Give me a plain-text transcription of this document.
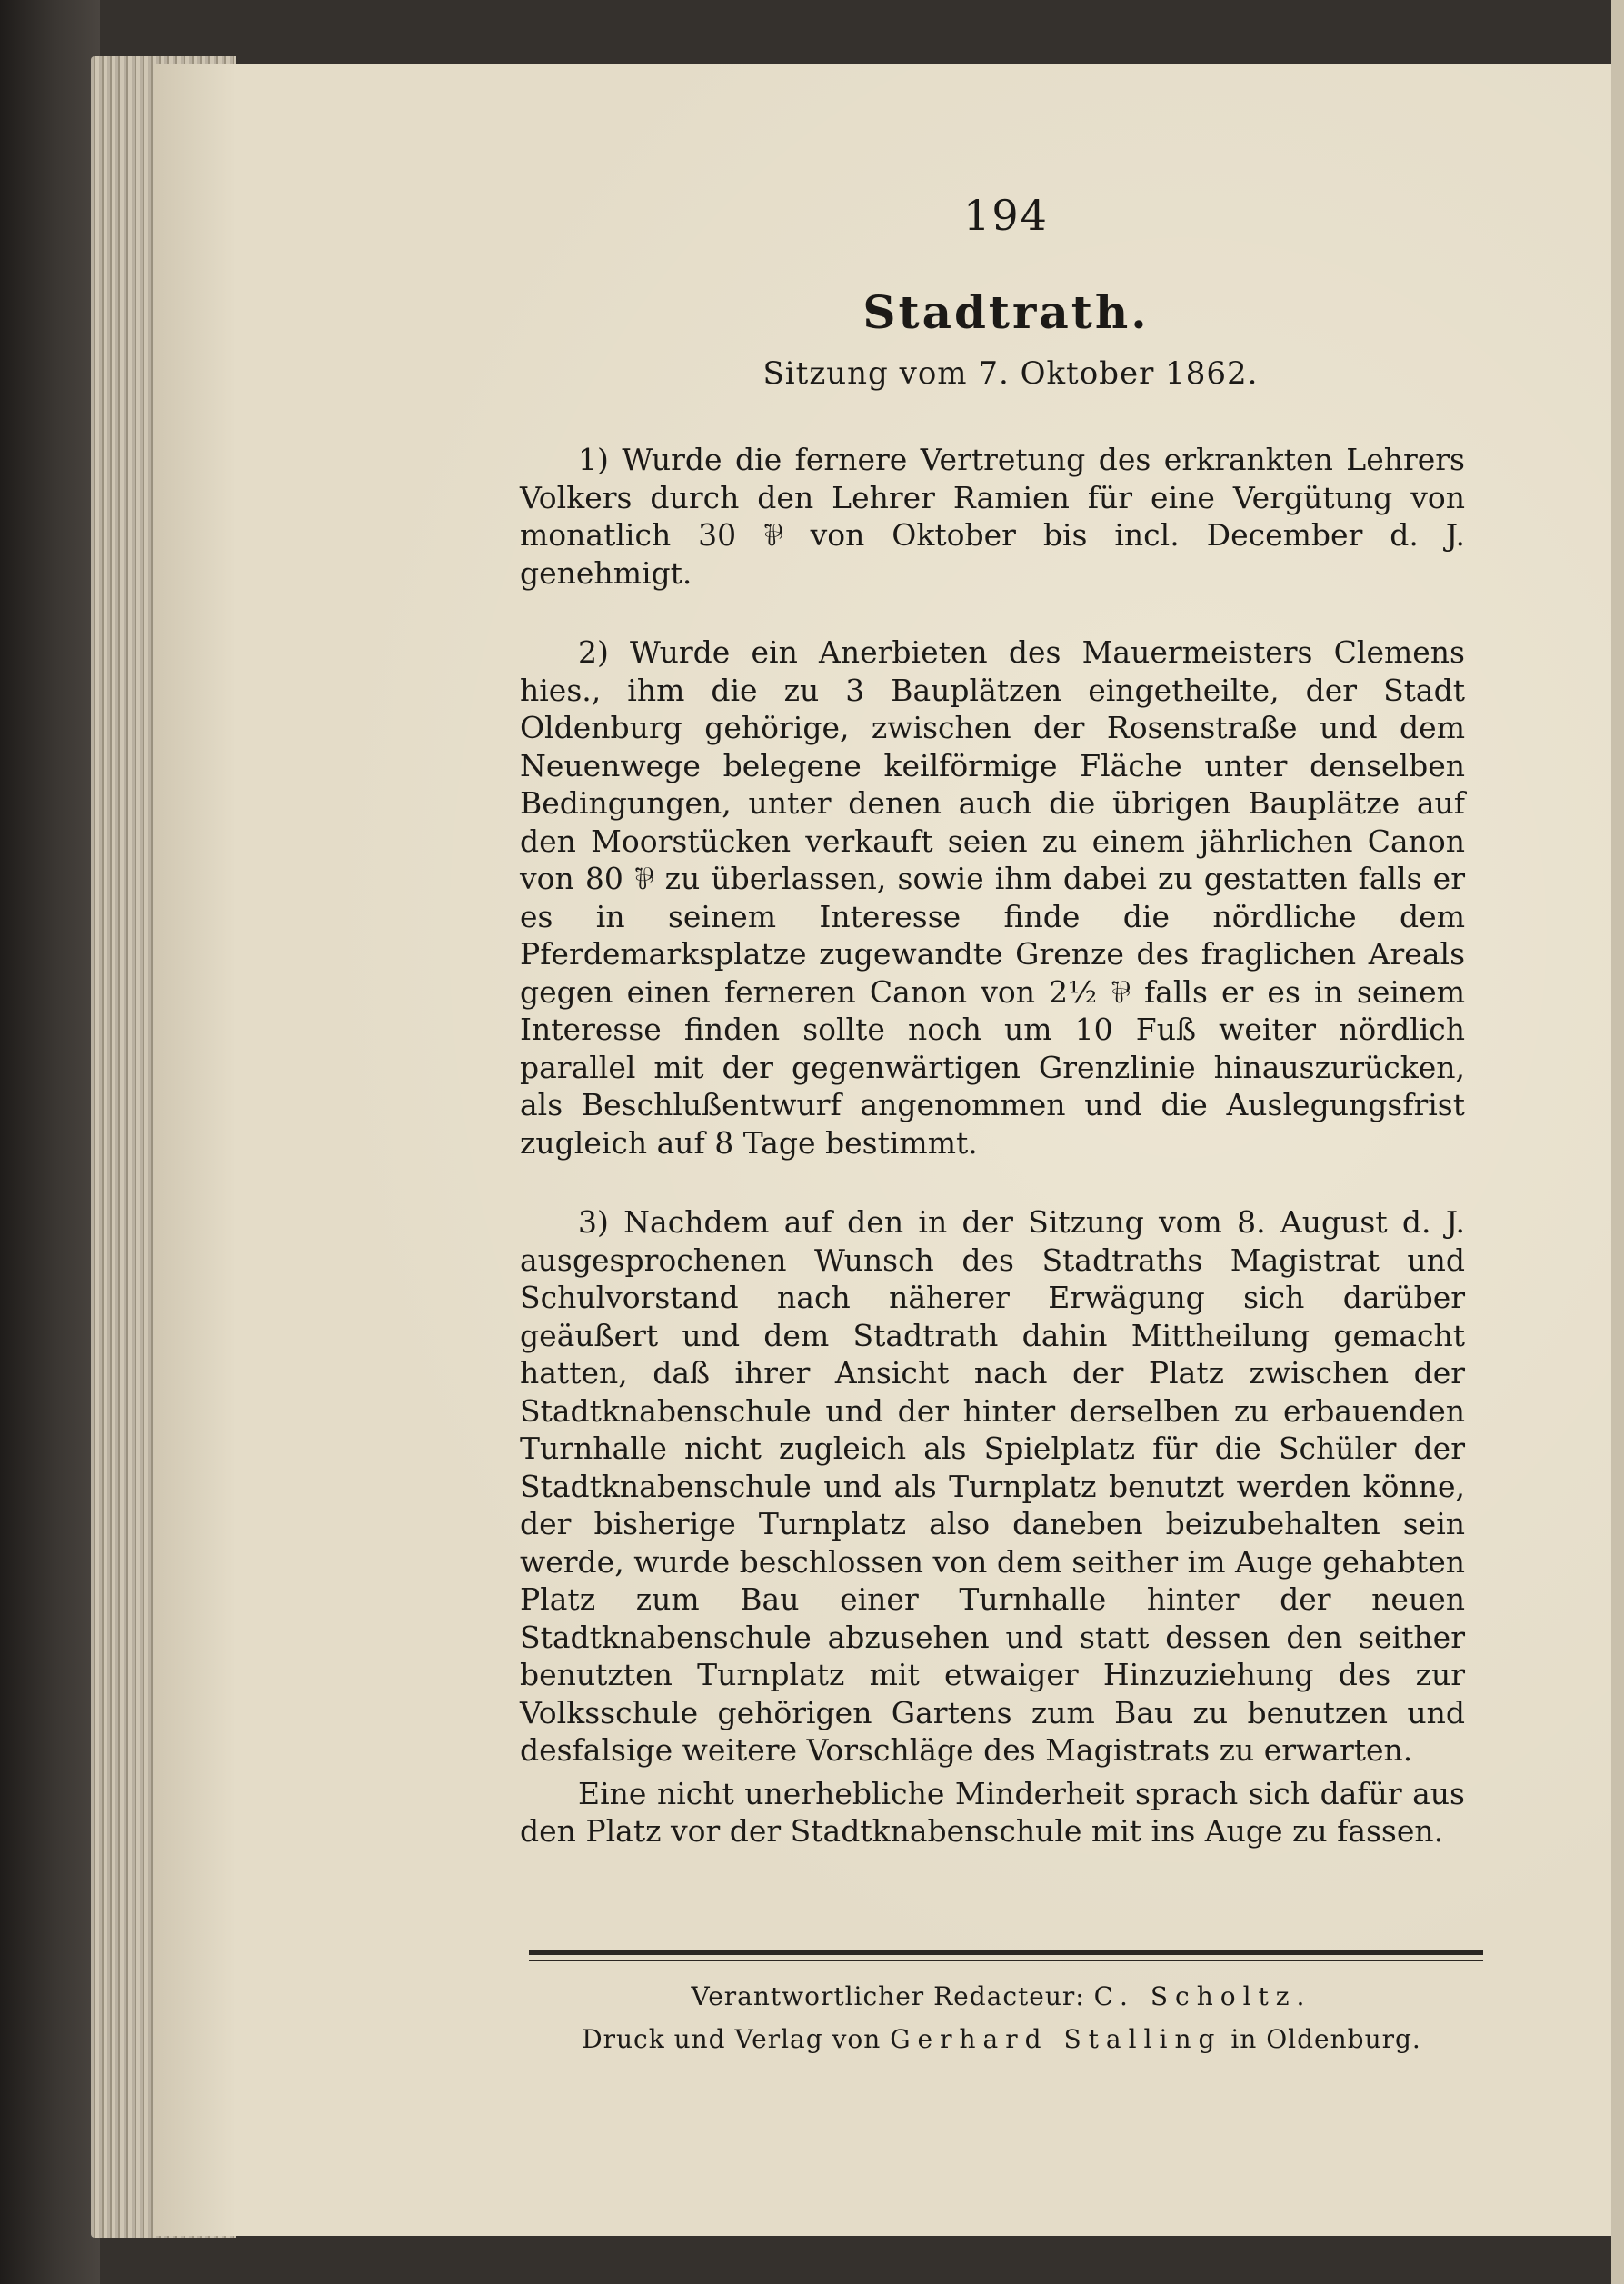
194
Stadtrath.
Sitzung vom 7. Oktober 1862.

1) Wurde die fernere Vertretung des erkrankten Lehrers Volkers durch den Lehrer Ramien für eine Vergütung von monatlich 30 ⅌ von Oktober bis incl. December d. J. genehmigt.

2) Wurde ein Anerbieten des Mauermeisters Clemens hies., ihm die zu 3 Bauplätzen eingetheilte, der Stadt Oldenburg gehörige, zwischen der Rosenstraße und dem Neuenwege belegene keilförmige Fläche unter denselben Bedingungen, unter denen auch die übrigen Bauplätze auf den Moorstücken verkauft seien zu einem jährlichen Canon von 80 ⅌ zu überlassen, sowie ihm dabei zu gestatten falls er es in seinem Interesse finde die nördliche dem Pferdemarksplatze zugewandte Grenze des fraglichen Areals gegen einen ferneren Canon von 2½ ⅌ falls er es in seinem Interesse finden sollte noch um 10 Fuß weiter nördlich parallel mit der gegenwärtigen Grenzlinie hinauszurücken, als Beschlußentwurf angenommen und die Auslegungsfrist zugleich auf 8 Tage bestimmt.

3) Nachdem auf den in der Sitzung vom 8. August d. J. ausgesprochenen Wunsch des Stadtraths Magistrat und Schulvorstand nach näherer Erwägung sich darüber geäußert und dem Stadtrath dahin Mittheilung gemacht hatten, daß ihrer Ansicht nach der Platz zwischen der Stadtknabenschule und der hinter derselben zu erbauenden Turnhalle nicht zugleich als Spielplatz für die Schüler der Stadtknabenschule und als Turnplatz benutzt werden könne, der bisherige Turnplatz also daneben beizubehalten sein werde, wurde beschlossen von dem seither im Auge gehabten Platz zum Bau einer Turnhalle hinter der neuen Stadtknabenschule abzusehen und statt dessen den seither benutzten Turnplatz mit etwaiger Hinzuziehung des zur Volksschule gehörigen Gartens zum Bau zu benutzen und desfalsige weitere Vorschläge des Magistrats zu erwarten.

Eine nicht unerhebliche Minderheit sprach sich dafür aus den Platz vor der Stadtknabenschule mit ins Auge zu fassen.

Verantwortlicher Redacteur: C. Scholtz.
Druck und Verlag von Gerhard Stalling in Oldenburg.
